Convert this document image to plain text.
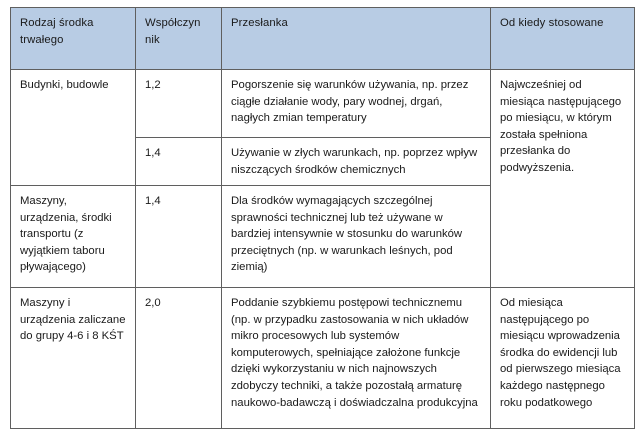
Rodzaj środka trwałego	Współczyn nik	Przesłanka	Od kiedy stosowane
Budynki, budowle	1,2	Pogorszenie się warunków używania, np. przez ciągłe działanie wody, pary wodnej, drgań, nagłych zmian temperatury	Najwcześniej od miesiąca następującego po miesiącu, w którym została spełniona przesłanka do podwyższenia.
	1,4	Używanie w złych warunkach, np. poprzez wpływ niszczących środków chemicznych	
Maszyny, urządzenia, środki transportu (z wyjątkiem taboru pływającego)	1,4	Dla środków wymagających szczególnej sprawności technicznej lub też używane w bardziej intensywnie w stosunku do warunków przeciętnych (np. w warunkach leśnych, pod ziemią)	
Maszyny i urządzenia zaliczane do grupy 4-6 i 8 KŚT	2,0	Poddanie szybkiemu postępowi technicznemu (np. w przypadku zastosowania w nich układów mikro procesowych lub systemów komputerowych, spełniające założone funkcje dzięki wykorzystaniu w nich najnowszych zdobyczy techniki, a także pozostałą armaturę naukowo-badawczą i doświadczalna produkcyjna	Od miesiąca następującego po miesiącu wprowadzenia środka do ewidencji lub od pierwszego miesiąca każdego następnego roku podatkowego
